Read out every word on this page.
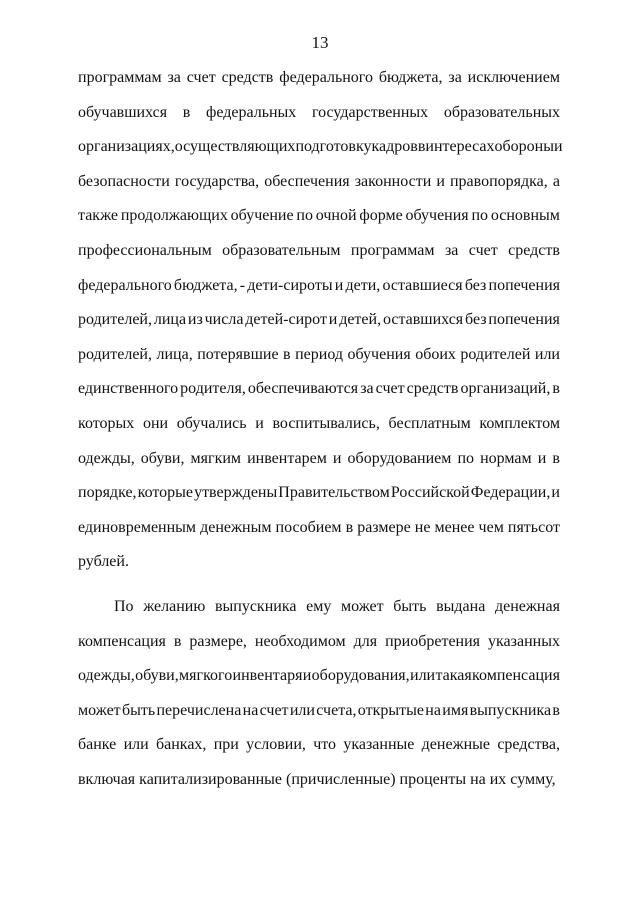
13
программам за счет средств федерального бюджета, за исключением
обучавшихся в федеральных государственных образовательных
организациях, осуществляющих подготовку кадров в интересах обороны и
безопасности государства, обеспечения законности и правопорядка, а
также продолжающих обучение по очной форме обучения по основным
профессиональным образовательным программам за счет средств
федерального бюджета, - дети-сироты и дети, оставшиеся без попечения
родителей, лица из числа детей-сирот и детей, оставшихся без попечения
родителей, лица, потерявшие в период обучения обоих родителей или
единственного родителя, обеспечиваются за счет средств организаций, в
которых они обучались и воспитывались, бесплатным комплектом
одежды, обуви, мягким инвентарем и оборудованием по нормам и в
порядке, которые утверждены Правительством Российской Федерации, и
единовременным денежным пособием в размере не менее чем пятьсот
рублей.
По желанию выпускника ему может быть выдана денежная
компенсация в размере, необходимом для приобретения указанных
одежды, обуви, мягкого инвентаря и оборудования, или такая компенсация
может быть перечислена на счет или счета, открытые на имя выпускника в
банке или банках, при условии, что указанные денежные средства,
включая капитализированные (причисленные) проценты на их сумму,
